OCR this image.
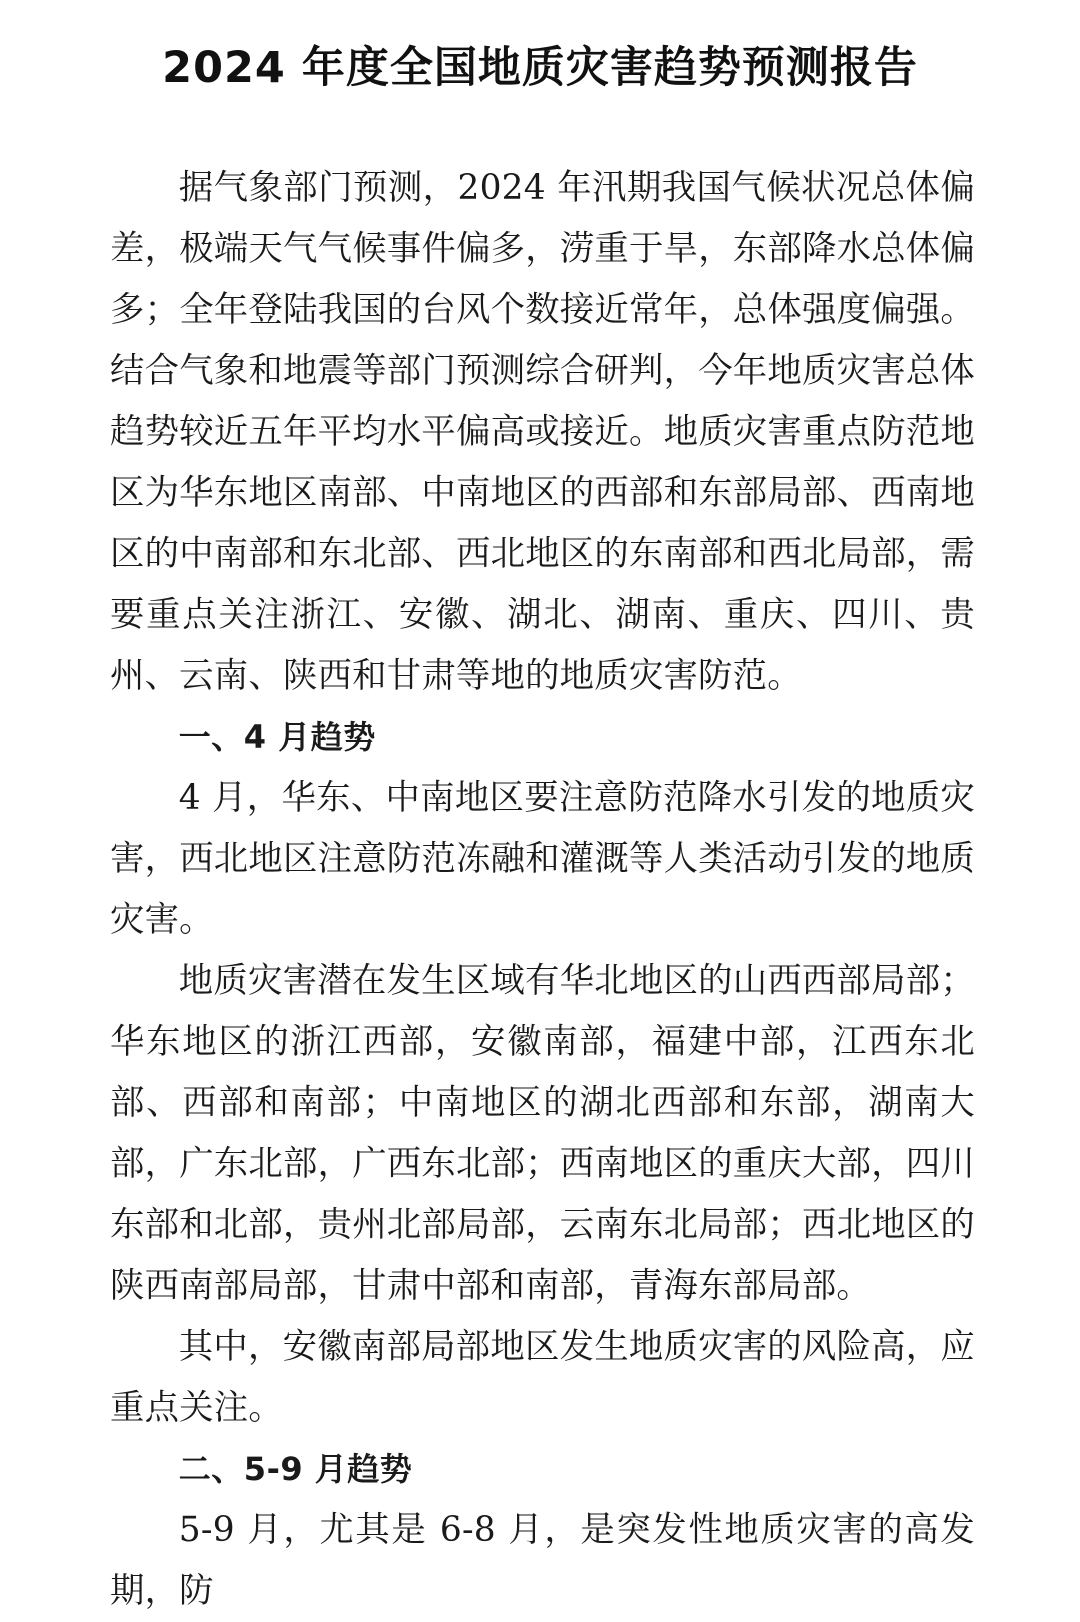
2024 年度全国地质灾害趋势预测报告

据气象部门预测，2024 年汛期我国气候状况总体偏差，极端天气气候事件偏多，涝重于旱，东部降水总体偏多；全年登陆我国的台风个数接近常年，总体强度偏强。结合气象和地震等部门预测综合研判，今年地质灾害总体趋势较近五年平均水平偏高或接近。地质灾害重点防范地区为华东地区南部、中南地区的西部和东部局部、西南地区的中南部和东北部、西北地区的东南部和西北局部，需要重点关注浙江、安徽、湖北、湖南、重庆、四川、贵州、云南、陕西和甘肃等地的地质灾害防范。

一、4 月趋势

4 月，华东、中南地区要注意防范降水引发的地质灾害，西北地区注意防范冻融和灌溉等人类活动引发的地质灾害。

地质灾害潜在发生区域有华北地区的山西西部局部；华东地区的浙江西部，安徽南部，福建中部，江西东北部、西部和南部；中南地区的湖北西部和东部，湖南大部，广东北部，广西东北部；西南地区的重庆大部，四川东部和北部，贵州北部局部，云南东北局部；西北地区的陕西南部局部，甘肃中部和南部，青海东部局部。

其中，安徽南部局部地区发生地质灾害的风险高，应重点关注。

二、5-9 月趋势

5-9 月，尤其是 6-8 月，是突发性地质灾害的高发期，防
